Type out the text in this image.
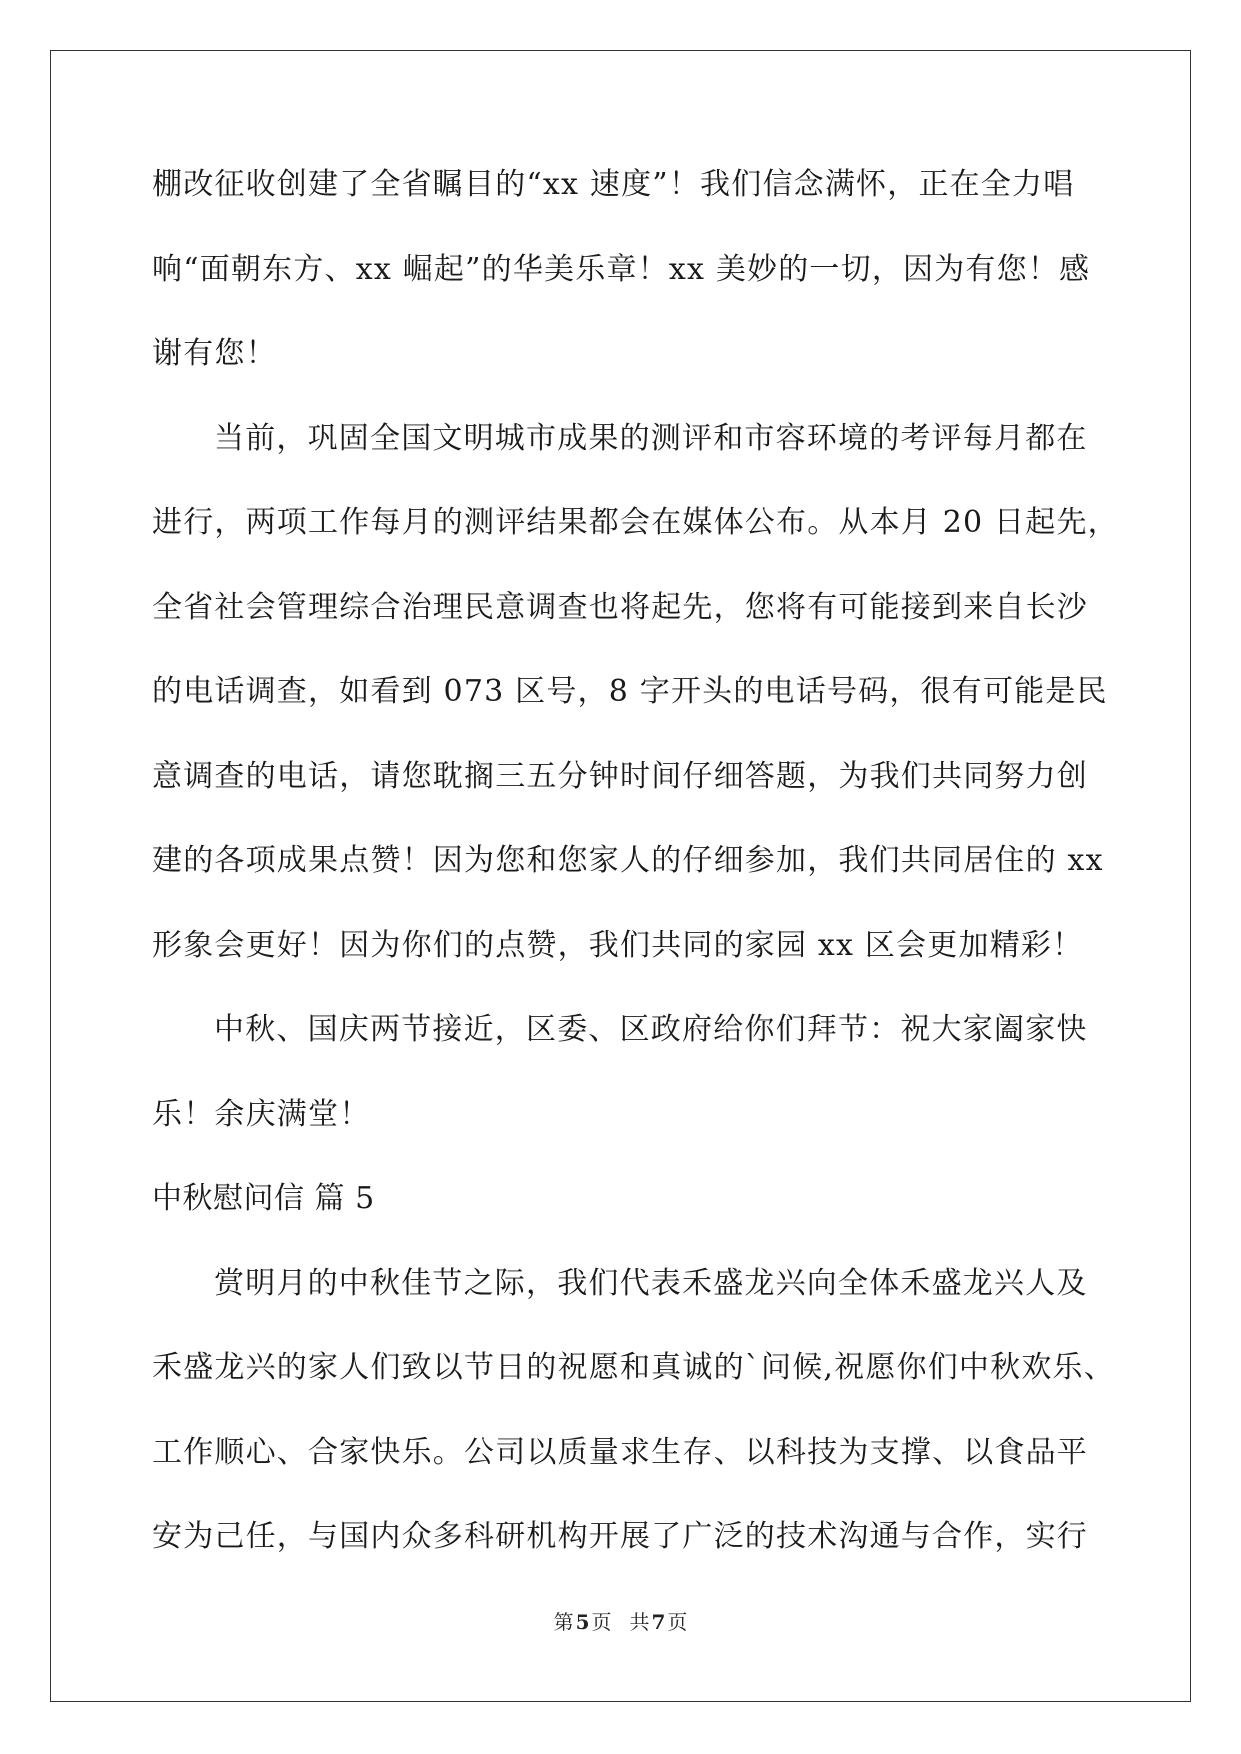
棚改征收创建了全省瞩目的“xx 速度”！我们信念满怀，正在全力唱
响“面朝东方、xx 崛起”的华美乐章！xx 美妙的一切，因为有您！感
谢有您！
当前，巩固全国文明城市成果的测评和市容环境的考评每月都在
进行，两项工作每月的测评结果都会在媒体公布。从本月 20 日起先，
全省社会管理综合治理民意调查也将起先，您将有可能接到来自长沙
的电话调查，如看到 073 区号，8 字开头的电话号码，很有可能是民
意调查的电话，请您耽搁三五分钟时间仔细答题，为我们共同努力创
建的各项成果点赞！因为您和您家人的仔细参加，我们共同居住的 xx
形象会更好！因为你们的点赞，我们共同的家园 xx 区会更加精彩！
中秋、国庆两节接近，区委、区政府给你们拜节：祝大家阖家快
乐！余庆满堂！
中秋慰问信 篇 5
赏明月的中秋佳节之际，我们代表禾盛龙兴向全体禾盛龙兴人及
禾盛龙兴的家人们致以节日的祝愿和真诚的`问候,祝愿你们中秋欢乐、
工作顺心、合家快乐。公司以质量求生存、以科技为支撑、以食品平
安为己任，与国内众多科研机构开展了广泛的技术沟通与合作，实行
第 5 页 共 7 页
